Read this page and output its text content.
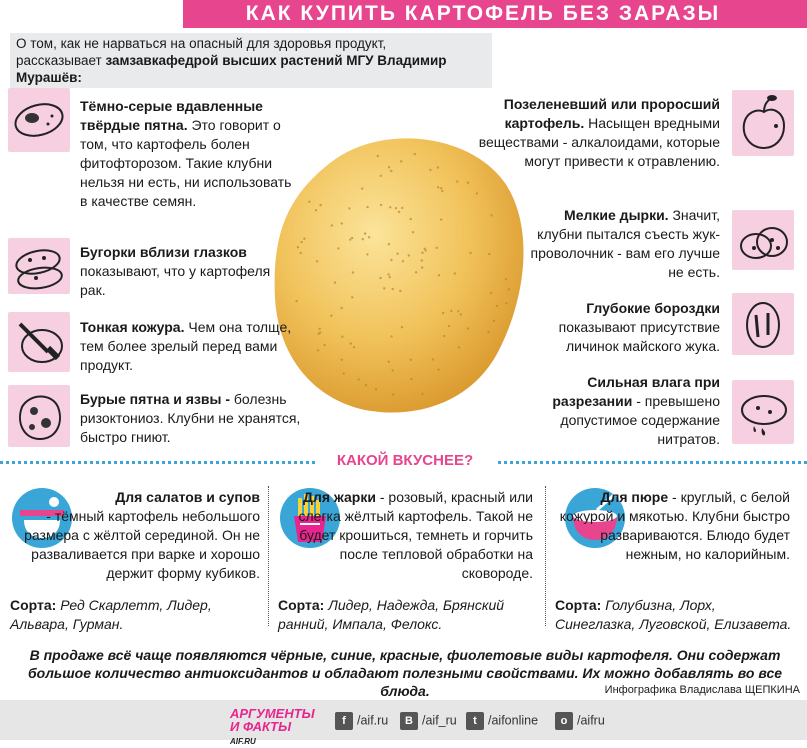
КАК КУПИТЬ КАРТОФЕЛЬ БЕЗ ЗАРАЗЫ
О том, как не нарваться на опасный для здоровья продукт,
рассказывает замзавкафедрой высших растений МГУ Владимир Мурашёв:
Тёмно-серые вдавленные твёрдые пятна. Это говорит о том, что картофель болен фитофторозом. Такие клубни нельзя ни есть, ни использовать в качестве семян.
Бугорки вблизи глазков показывают, что у картофеля рак.
Тонкая кожура. Чем она толще, тем более зрелый перед вами продукт.
Бурые пятна и язвы - болезнь ризоктониоз. Клубни не хранятся, быстро гниют.
Позеленевший или проросший картофель. Насыщен вредными веществами - алкалоидами, которые могут привести к отравлению.
Мелкие дырки. Значит, клубни пытался съесть жук-проволочник - вам его лучше не есть.
Глубокие бороздки показывают присутствие личинок майского жука.
Сильная влага при разрезании - превышено допустимое содержание нитратов.
КАКОЙ ВКУСНЕЕ?
Для салатов и супов
- тёмный картофель небольшого размера с жёлтой серединой. Он не разваливается при варке и хорошо держит форму кубиков.
Сорта: Ред Скарлетт, Лидер, Альвара, Гурман.
Для жарки - розовый, красный или слегка жёлтый картофель. Такой не будет крошиться, темнеть и горчить после тепловой обработки на сковороде.
Сорта: Лидер, Надежда, Брянский ранний, Импала, Фелокс.
Для пюре - круглый, с белой кожурой и мякотью. Клубни быстро развариваются. Блюдо будет нежным, но калорийным.
Сорта: Голубизна, Лорх, Синеглазка, Луговской, Елизавета.
В продаже всё чаще появляются чёрные, синие, красные, фиолетовые виды картофеля. Они содержат большое количество антиоксидантов и обладают полезными свойствами. Их можно добавлять во все блюда.	Инфографика Владислава ЩЕПКИНА
АРГУМЕНТЫ
И ФАКТЫ AIF.RU
f /aif.ru	B /aif_ru	t /aifonline	o /aifru
